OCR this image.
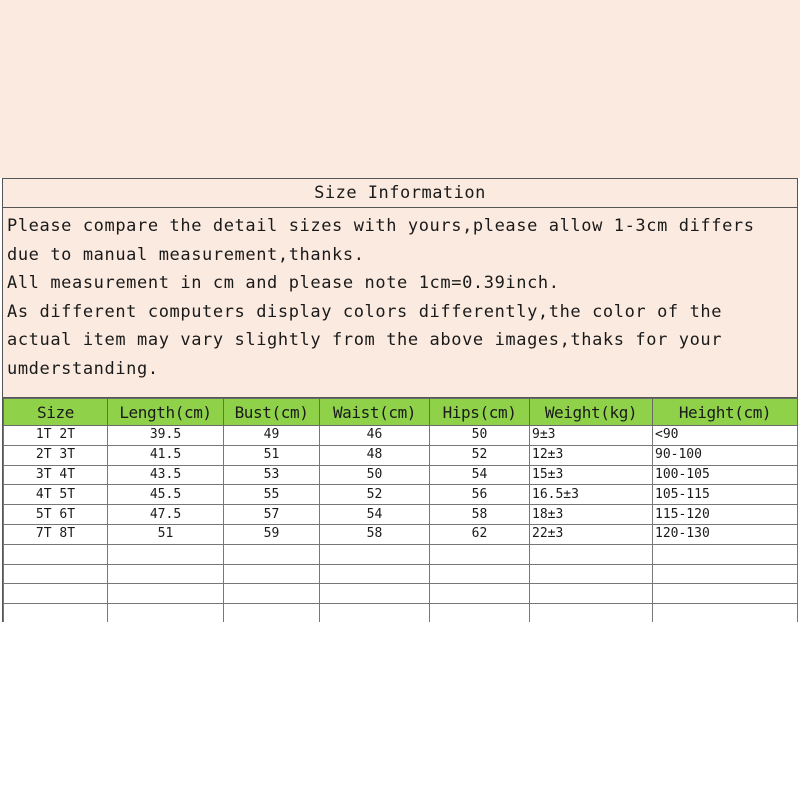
Size Information

Please compare the detail sizes with yours,please allow 1-3cm differs

due to manual measurement,thanks.

All measurement in cm and please note 1cm=0.39inch.

As different computers display colors differently,the color of the

actual item may vary slightly from the above images,thaks for your

umderstanding.

Size	Length(cm)	Bust(cm)	Waist(cm)	Hips(cm)	Weight(kg)	Height(cm)
1T 2T	39.5	49	46	50	9±3	<90
2T 3T	41.5	51	48	52	12±3	90-100
3T 4T	43.5	53	50	54	15±3	100-105
4T 5T	45.5	55	52	56	16.5±3	105-115
5T 6T	47.5	57	54	58	18±3	115-120
7T 8T	51	59	58	62	22±3	120-130
